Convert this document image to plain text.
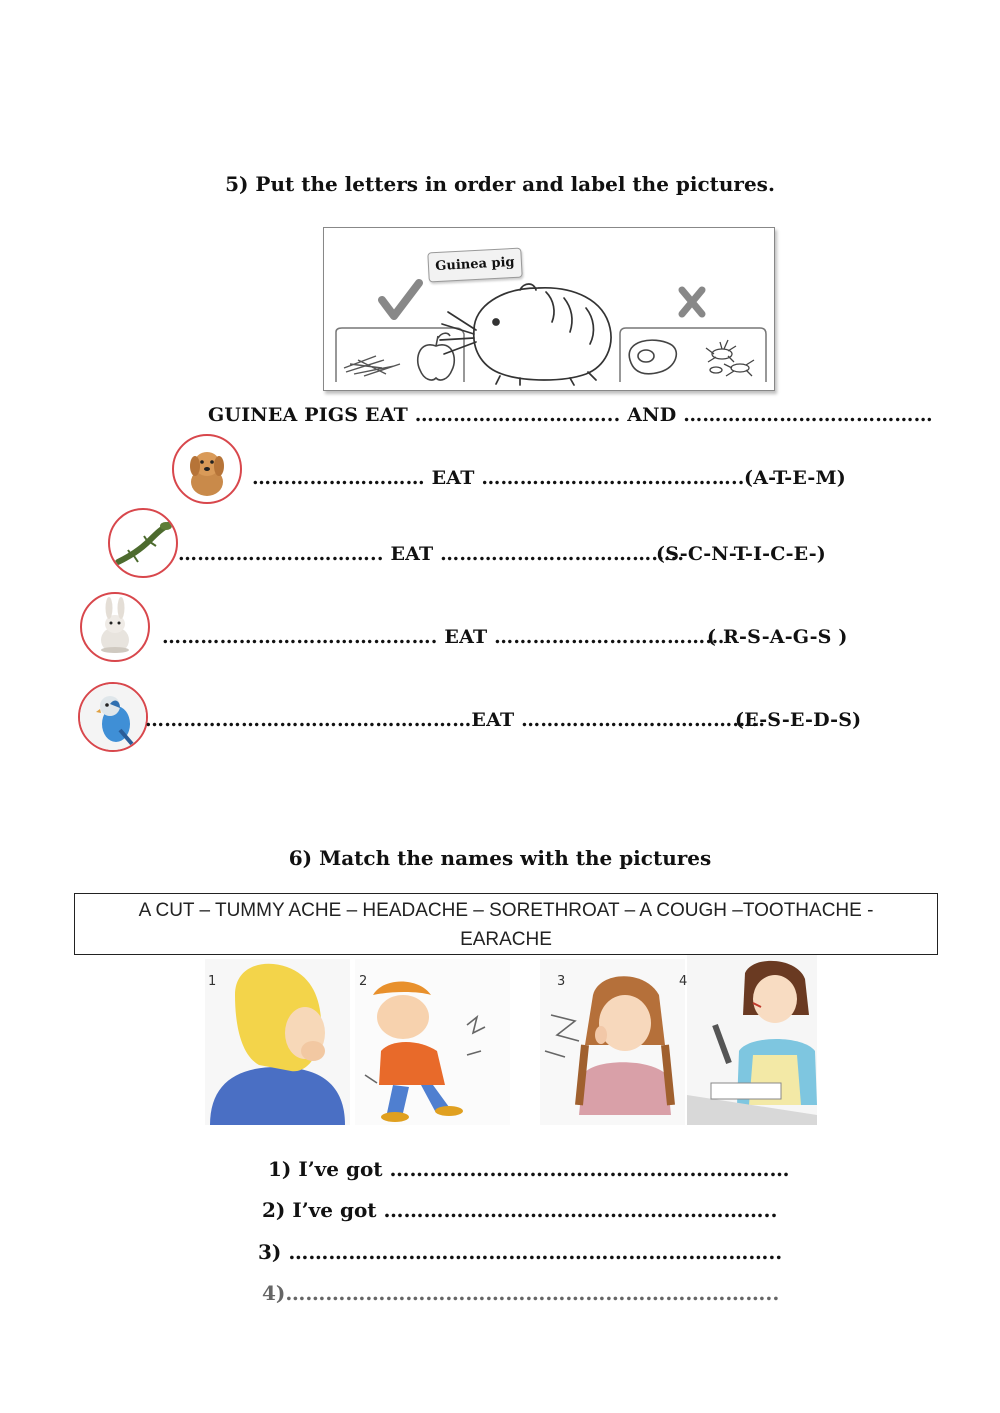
5) Put the letters in order and label the pictures.
Guinea pig
GUINEA PIGS EAT ………………………….. AND …………………………………
……………………… EAT ………………………………….. (A-T-E-M)
………………………….. EAT ………………………………..
(S-C-N-T-I-C-E-)
……………………………………. EAT ………………………………
( R-S-A-G-S )
……………………………………………EAT ………………………………..
(E-S-E-D-S)
6) Match the names with the pictures
A CUT – TUMMY ACHE – HEADACHE – SORETHROAT – A COUGH –TOOTHACHE -
EARACHE
1	2	3	4
1) I’ve got ……………………………………………………
2) I’ve got …………………………………………………..
3) ………………………………………………………………..
4)………………………………………………………………..
